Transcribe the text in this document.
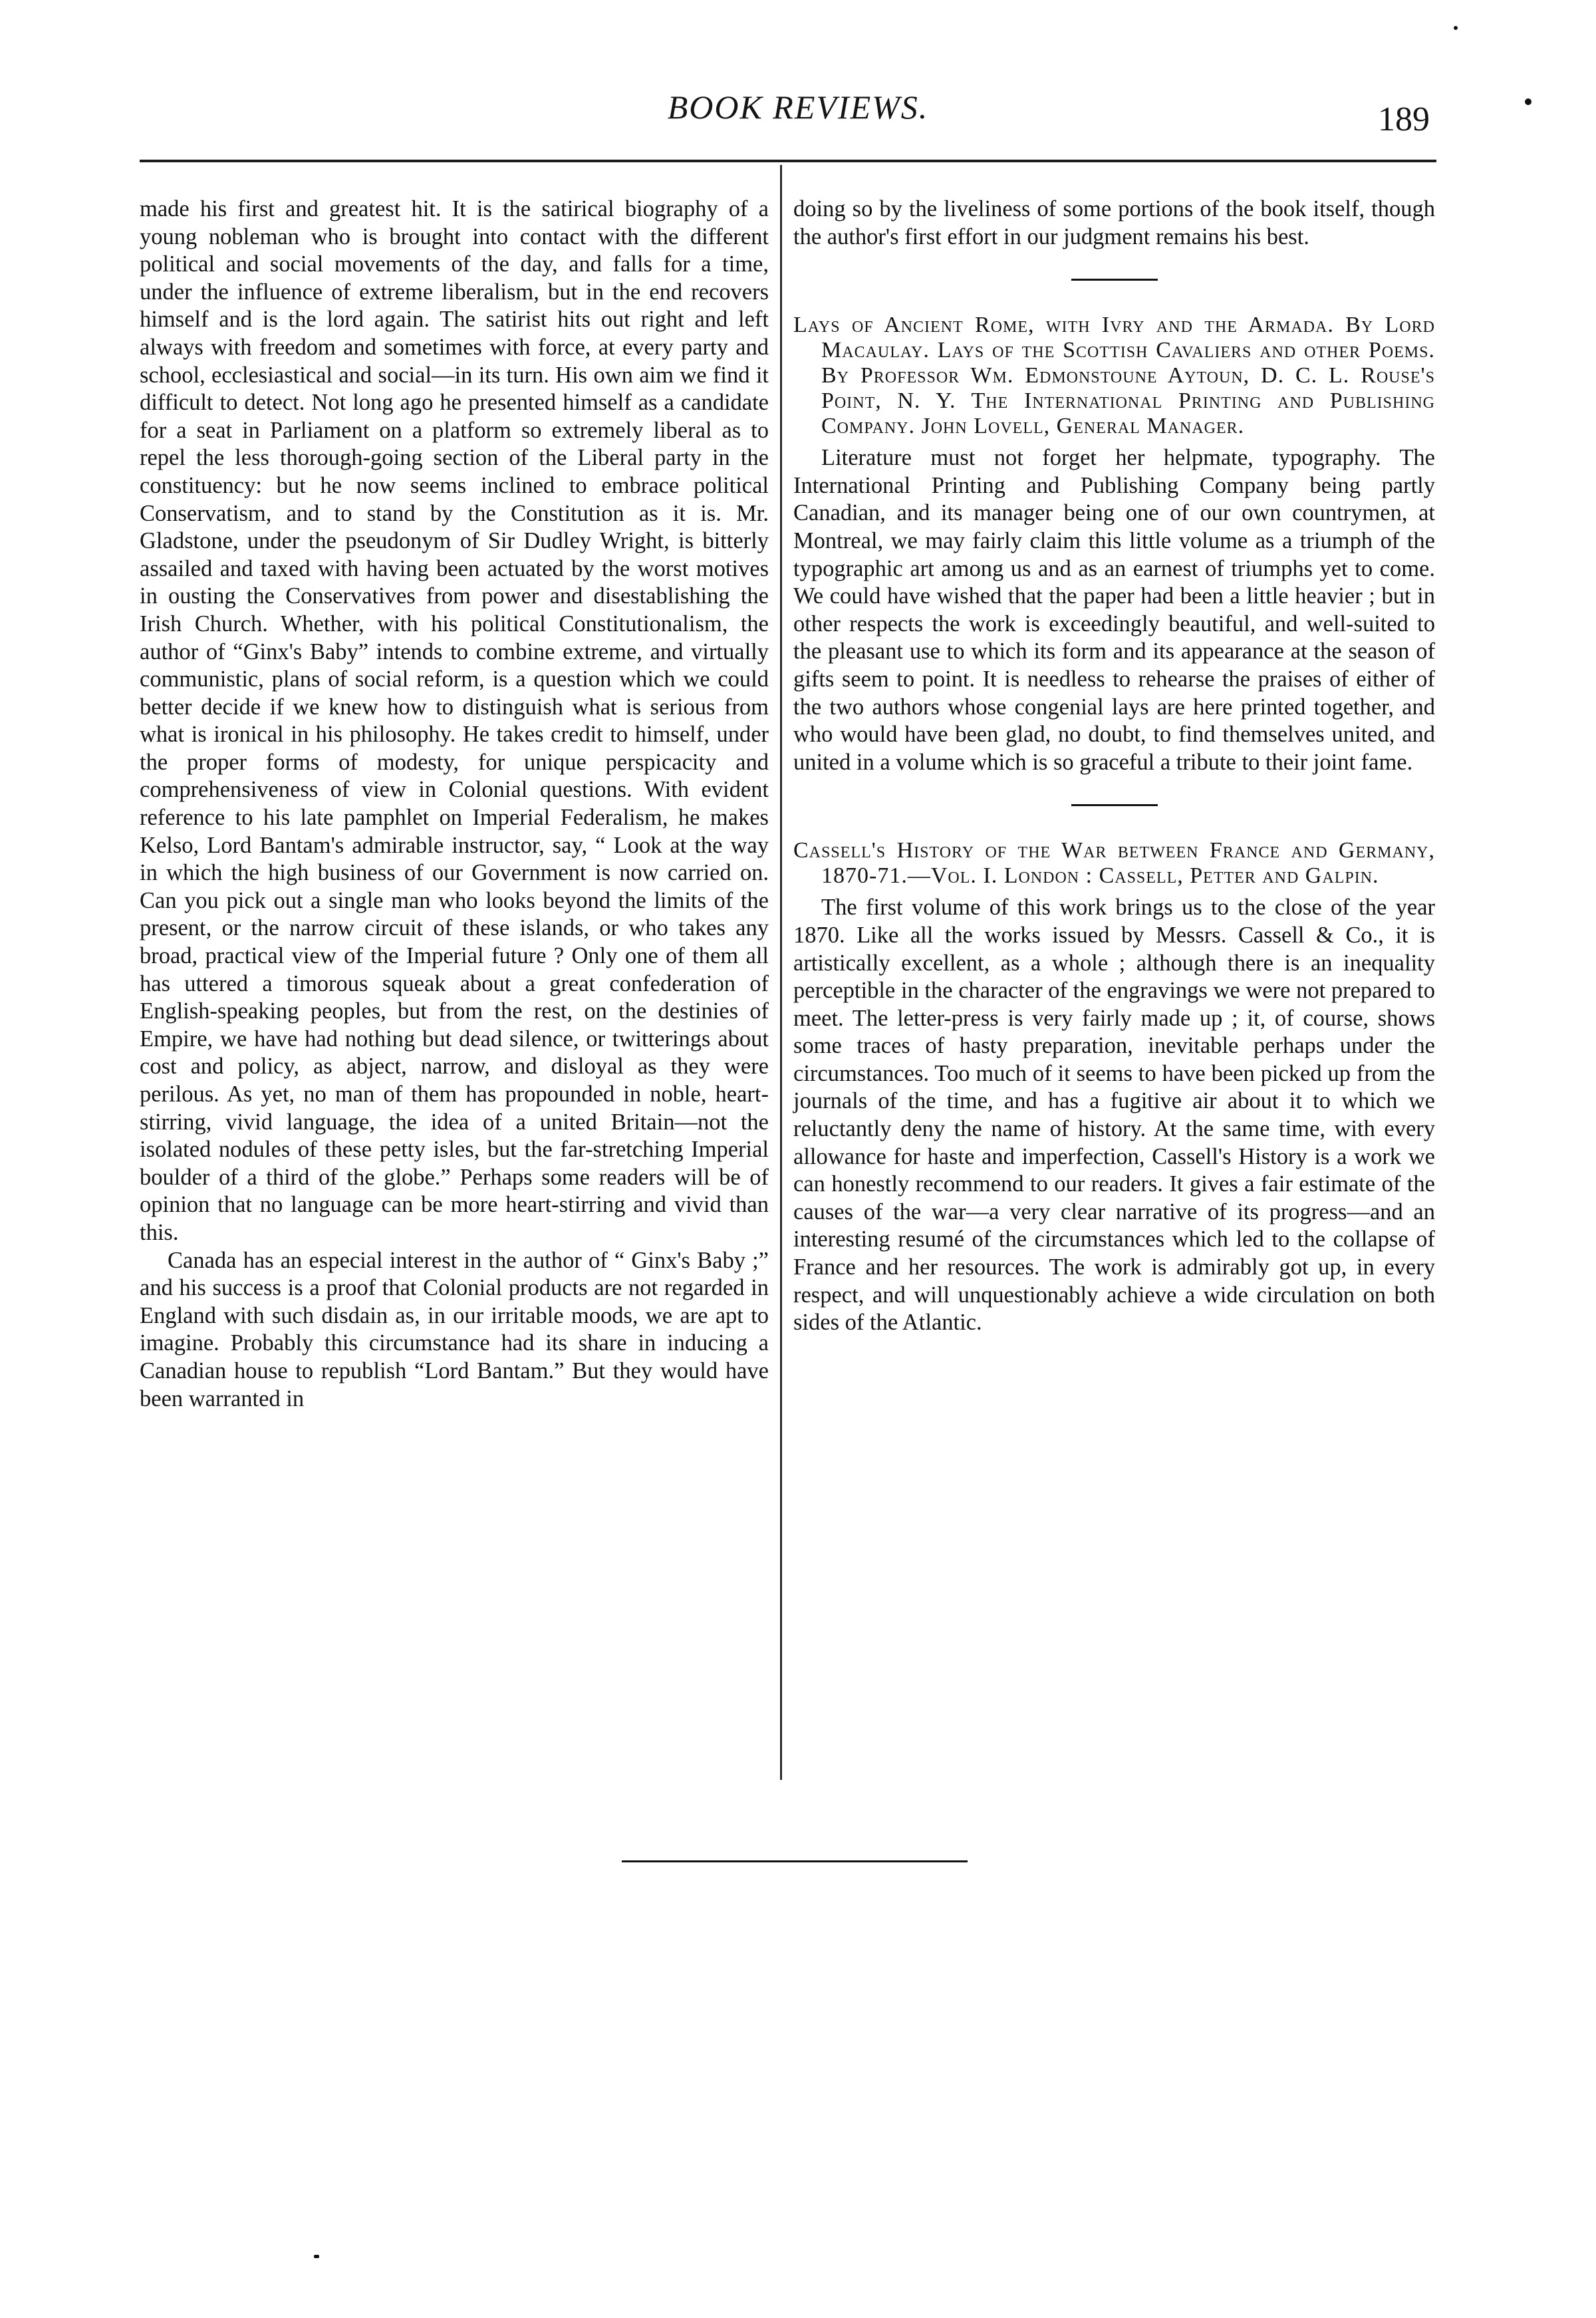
BOOK REVIEWS.	189

made his first and greatest hit. It is the satirical biography of a young nobleman who is brought into contact with the different political and social movements of the day, and falls for a time, under the influence of extreme liberalism, but in the end recovers himself and is the lord again. The satirist hits out right and left always with freedom and sometimes with force, at every party and school, ecclesiastical and social—in its turn. His own aim we find it difficult to detect. Not long ago he presented himself as a candidate for a seat in Parliament on a platform so extremely liberal as to repel the less thorough-going section of the Liberal party in the constituency: but he now seems inclined to embrace political Conservatism, and to stand by the Constitution as it is. Mr. Gladstone, under the pseudonym of Sir Dudley Wright, is bitterly assailed and taxed with having been actuated by the worst motives in ousting the Conservatives from power and disestablishing the Irish Church. Whether, with his political Constitutionalism, the author of “Ginx's Baby” intends to combine extreme, and virtually communistic, plans of social reform, is a question which we could better decide if we knew how to distinguish what is serious from what is ironical in his philosophy. He takes credit to himself, under the proper forms of modesty, for unique perspicacity and comprehensiveness of view in Colonial questions. With evident reference to his late pamphlet on Imperial Federalism, he makes Kelso, Lord Bantam's admirable instructor, say, “ Look at the way in which the high business of our Government is now carried on. Can you pick out a single man who looks beyond the limits of the present, or the narrow circuit of these islands, or who takes any broad, practical view of the Imperial future ? Only one of them all has uttered a timorous squeak about a great confederation of English-speaking peoples, but from the rest, on the destinies of Empire, we have had nothing but dead silence, or twitterings about cost and policy, as abject, narrow, and disloyal as they were perilous. As yet, no man of them has propounded in noble, heart-stirring, vivid language, the idea of a united Britain—not the isolated nodules of these petty isles, but the far-stretching Imperial boulder of a third of the globe.” Perhaps some readers will be of opinion that no language can be more heart-stirring and vivid than this.

Canada has an especial interest in the author of “ Ginx's Baby ;” and his success is a proof that Colonial products are not regarded in England with such disdain as, in our irritable moods, we are apt to imagine. Probably this circumstance had its share in inducing a Canadian house to republish “Lord Bantam.” But they would have been warranted in

doing so by the liveliness of some portions of the book itself, though the author's first effort in our judgment remains his best.

Lays of Ancient Rome, with Ivry and the Armada. By Lord Macaulay. Lays of the Scottish Cavaliers and other Poems. By Professor Wm. Edmonstoune Aytoun, D. C. L. Rouse's Point, N. Y. The International Printing and Publishing Company. John Lovell, General Manager.

Literature must not forget her helpmate, typography. The International Printing and Publishing Company being partly Canadian, and its manager being one of our own countrymen, at Montreal, we may fairly claim this little volume as a triumph of the typographic art among us and as an earnest of triumphs yet to come. We could have wished that the paper had been a little heavier ; but in other respects the work is exceedingly beautiful, and well-suited to the pleasant use to which its form and its appearance at the season of gifts seem to point. It is needless to rehearse the praises of either of the two authors whose congenial lays are here printed together, and who would have been glad, no doubt, to find themselves united, and united in a volume which is so graceful a tribute to their joint fame.

Cassell's History of the War between France and Germany, 1870-71.—Vol. I. London : Cassell, Petter and Galpin.

The first volume of this work brings us to the close of the year 1870. Like all the works issued by Messrs. Cassell & Co., it is artistically excellent, as a whole ; although there is an inequality perceptible in the character of the engravings we were not prepared to meet. The letter-press is very fairly made up ; it, of course, shows some traces of hasty preparation, inevitable perhaps under the circumstances. Too much of it seems to have been picked up from the journals of the time, and has a fugitive air about it to which we reluctantly deny the name of history. At the same time, with every allowance for haste and imperfection, Cassell's History is a work we can honestly recommend to our readers. It gives a fair estimate of the causes of the war—a very clear narrative of its progress—and an interesting resumé of the circumstances which led to the collapse of France and her resources. The work is admirably got up, in every respect, and will unquestionably achieve a wide circulation on both sides of the Atlantic.
